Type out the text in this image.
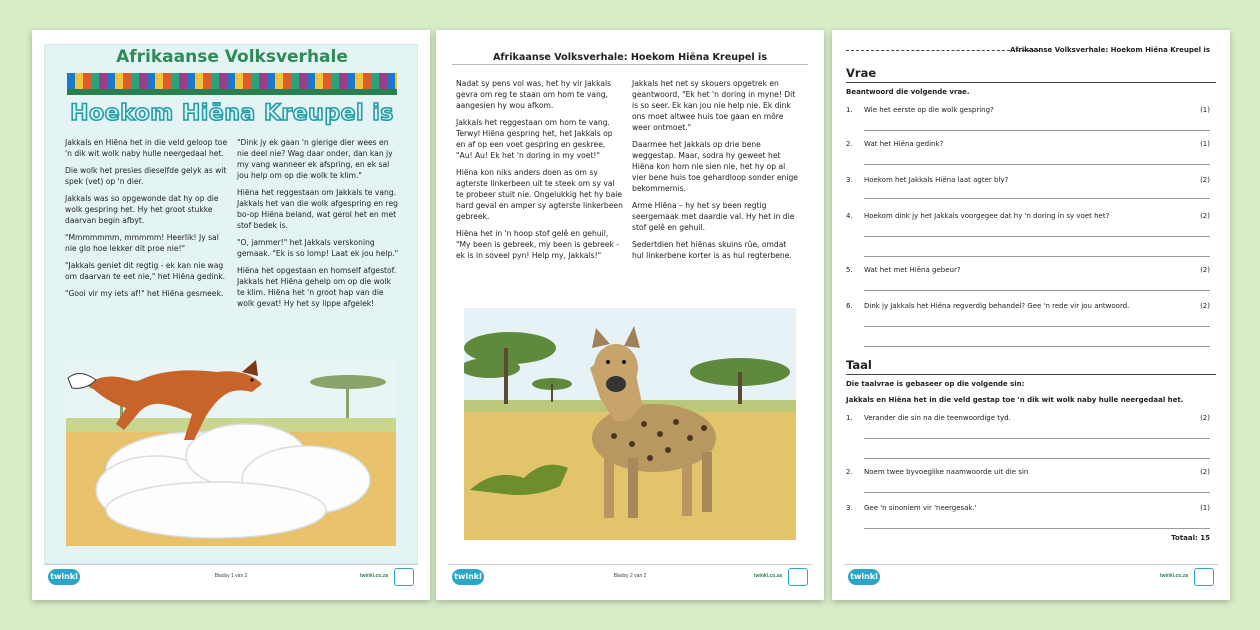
Afrikaanse Volksverhale
Hoekom Hiëna Kreupel is

Jakkals en Hiëna het in die veld geloop toe 'n dik wit wolk naby hulle neergedaal het.

Die wolk het presies dieselfde gelyk as wit spek (vet) op 'n dier.

Jakkals was so opgewonde dat hy op die wolk gespring het. Hy het groot stukke daarvan begin afbyt.

"Mmmmmmm, mmmmm! Heerlik! Jy sal nie glo hoe lekker dit proe nie!"

"Jakkals geniet dit regtig - ek kan nie wag om daarvan te eet nie," het Hiëna gedink.

"Gooi vir my iets af!" het Hiëna gesmeek.

"Dink jy ek gaan 'n gierige dier wees en nie deel nie? Wag daar onder, dan kan jy my vang wanneer ek afspring, en ek sal jou help om op die wolk te klim."

Hiëna het reggestaan om Jakkals te vang. Jakkals het van die wolk afgespring en reg bo-op Hiëna beland, wat gerol het en met stof bedek is.

"O, jammer!" het Jakkals verskoning gemaak. "Ek is so lomp! Laat ek jou help."

Hiëna het opgestaan en homself afgestof. Jakkals het Hiëna gehelp om op die wolk te klim. Hiëna het 'n groot hap van die wolk gevat! Hy het sy lippe afgelek!

twinkl	Bladsy 1 van 2	twinkl.co.za
Afrikaanse Volksverhale: Hoekom Hiëna Kreupel is

Nadat sy pens vol was, het hy vir Jakkals gevra om reg te staan om hom te vang, aangesien hy wou afkom.

Jakkals het reggestaan om hom te vang. Terwyl Hiëna gespring het, het Jakkals op en af op een voet gespring en geskree, "Au! Au! Ek het 'n doring in my voet!"

Hiëna kon niks anders doen as om sy agterste linkerbeen uit te steek om sy val te probeer stuit nie. Ongelukkig het hy baie hard geval en amper sy agterste linkerbeen gebreek.

Hiëna het in 'n hoop stof gelê en gehuil, "My been is gebreek, my been is gebreek - ek is in soveel pyn! Help my, Jakkals!"

Jakkals het net sy skouers opgetrek en geantwoord, "Ek het 'n doring in myne! Dit is so seer. Ek kan jou nie help nie. Ek dink ons moet altwee huis toe gaan en môre weer ontmoet."

Daarmee het Jakkals op drie bene weggestap. Maar, sodra hy geweet het Hiëna kon hom nie sien nie, het hy op al vier bene huis toe gehardloop sonder enige bekommernis.

Arme Hiëna – hy het sy been regtig seergemaak met daardie val. Hy het in die stof gelê en gehuil.

Sedertdien het hiënas skuins rûe, omdat hul linkerbene korter is as hul regterbene.

twinkl	Bladsy 2 van 2	twinkl.co.za
Afrikaanse Volksverhale: Hoekom Hiëna Kreupel is
Vrae
Beantwoord die volgende vrae.
1. Wie het eerste op die wolk gespring?	(1)
2. Wat het Hiëna gedink?	(1)
3. Hoekom het Jakkals Hiëna laat agter bly?	(2)
4. Hoekom dink jy het Jakkals voorgegee dat hy 'n doring in sy voet het?	(2)
5. Wat het met Hiëna gebeur?	(2)
6. Dink jy Jakkals het Hiëna regverdig behandel? Gee 'n rede vir jou antwoord.	(2)
Taal
Die taalvrae is gebaseer op die volgende sin:
Jakkals en Hiëna het in die veld gestap toe 'n dik wit wolk naby hulle neergedaal het.
1. Verander die sin na die teenwoordige tyd.	(2)
2. Noem twee byvoeglike naamwoorde uit die sin	(2)
3. Gee 'n sinoniem vir 'neergesak.'	(1)
Totaal: 15
twinkl	twinkl.co.za
